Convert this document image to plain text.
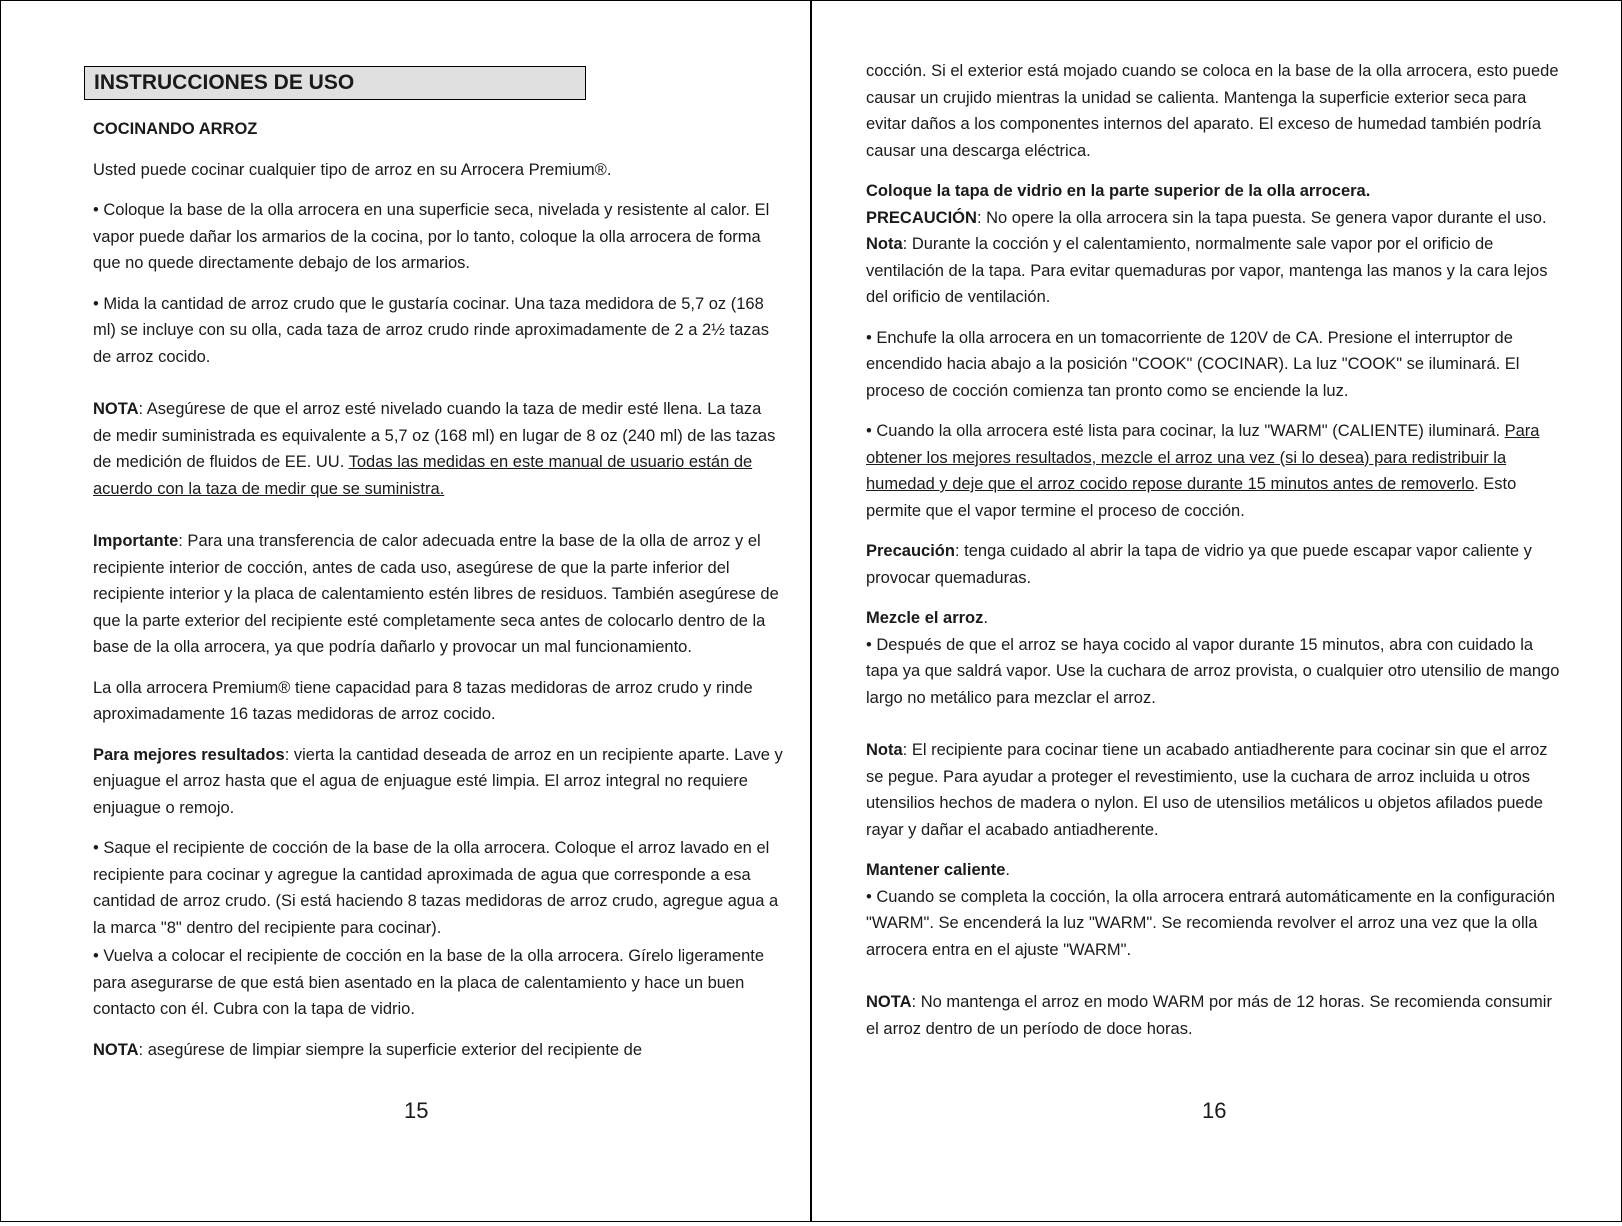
INSTRUCCIONES DE USO

COCINANDO ARROZ

Usted puede cocinar cualquier tipo de arroz en su Arrocera Premium®.

• Coloque la base de la olla arrocera en una superficie seca, nivelada y resistente al calor. El vapor puede dañar los armarios de la cocina, por lo tanto, coloque la olla arrocera de forma que no quede directamente debajo de los armarios.

• Mida la cantidad de arroz crudo que le gustaría cocinar. Una taza medidora de 5,7 oz (168 ml) se incluye con su olla, cada taza de arroz crudo rinde aproximadamente de 2 a 2½ tazas de arroz cocido.

NOTA: Asegúrese de que el arroz esté nivelado cuando la taza de medir esté llena. La taza de medir suministrada es equivalente a 5,7 oz (168 ml) en lugar de 8 oz (240 ml) de las tazas de medición de fluidos de EE. UU. Todas las medidas en este manual de usuario están de acuerdo con la taza de medir que se suministra.

Importante: Para una transferencia de calor adecuada entre la base de la olla de arroz y el recipiente interior de cocción, antes de cada uso, asegúrese de que la parte inferior del recipiente interior y la placa de calentamiento estén libres de residuos. También asegúrese de que la parte exterior del recipiente esté completamente seca antes de colocarlo dentro de la base de la olla arrocera, ya que podría dañarlo y provocar un mal funcionamiento.

La olla arrocera Premium® tiene capacidad para 8 tazas medidoras de arroz crudo y rinde aproximadamente 16 tazas medidoras de arroz cocido.

Para mejores resultados: vierta la cantidad deseada de arroz en un recipiente aparte. Lave y enjuague el arroz hasta que el agua de enjuague esté limpia. El arroz integral no requiere enjuague o remojo.

• Saque el recipiente de cocción de la base de la olla arrocera. Coloque el arroz lavado en el recipiente para cocinar y agregue la cantidad aproximada de agua que corresponde a esa cantidad de arroz crudo. (Si está haciendo 8 tazas medidoras de arroz crudo, agregue agua a la marca "8" dentro del recipiente para cocinar).

• Vuelva a colocar el recipiente de cocción en la base de la olla arrocera. Gírelo ligeramente para asegurarse de que está bien asentado en la placa de calentamiento y hace un buen contacto con él. Cubra con la tapa de vidrio.

NOTA: asegúrese de limpiar siempre la superficie exterior del recipiente de

15

cocción. Si el exterior está mojado cuando se coloca en la base de la olla arrocera, esto puede causar un crujido mientras la unidad se calienta. Mantenga la superficie exterior seca para evitar daños a los componentes internos del aparato. El exceso de humedad también podría causar una descarga eléctrica.

Coloque la tapa de vidrio en la parte superior de la olla arrocera.
PRECAUCIÓN: No opere la olla arrocera sin la tapa puesta. Se genera vapor durante el uso. Nota: Durante la cocción y el calentamiento, normalmente sale vapor por el orificio de ventilación de la tapa. Para evitar quemaduras por vapor, mantenga las manos y la cara lejos del orificio de ventilación.

• Enchufe la olla arrocera en un tomacorriente de 120V de CA. Presione el interruptor de encendido hacia abajo a la posición "COOK" (COCINAR). La luz "COOK" se iluminará. El proceso de cocción comienza tan pronto como se enciende la luz.

• Cuando la olla arrocera esté lista para cocinar, la luz "WARM" (CALIENTE) iluminará. Para obtener los mejores resultados, mezcle el arroz una vez (si lo desea) para redistribuir la humedad y deje que el arroz cocido repose durante 15 minutos antes de removerlo. Esto permite que el vapor termine el proceso de cocción.

Precaución: tenga cuidado al abrir la tapa de vidrio ya que puede escapar vapor caliente y provocar quemaduras.

Mezcle el arroz.
• Después de que el arroz se haya cocido al vapor durante 15 minutos, abra con cuidado la tapa ya que saldrá vapor. Use la cuchara de arroz provista, o cualquier otro utensilio de mango largo no metálico para mezclar el arroz.

Nota: El recipiente para cocinar tiene un acabado antiadherente para cocinar sin que el arroz se pegue. Para ayudar a proteger el revestimiento, use la cuchara de arroz incluida u otros utensilios hechos de madera o nylon. El uso de utensilios metálicos u objetos afilados puede rayar y dañar el acabado antiadherente.

Mantener caliente.
• Cuando se completa la cocción, la olla arrocera entrará automáticamente en la configuración "WARM". Se encenderá la luz "WARM". Se recomienda revolver el arroz una vez que la olla arrocera entra en el ajuste "WARM".

NOTA: No mantenga el arroz en modo WARM por más de 12 horas. Se recomienda consumir el arroz dentro de un período de doce horas.

16
